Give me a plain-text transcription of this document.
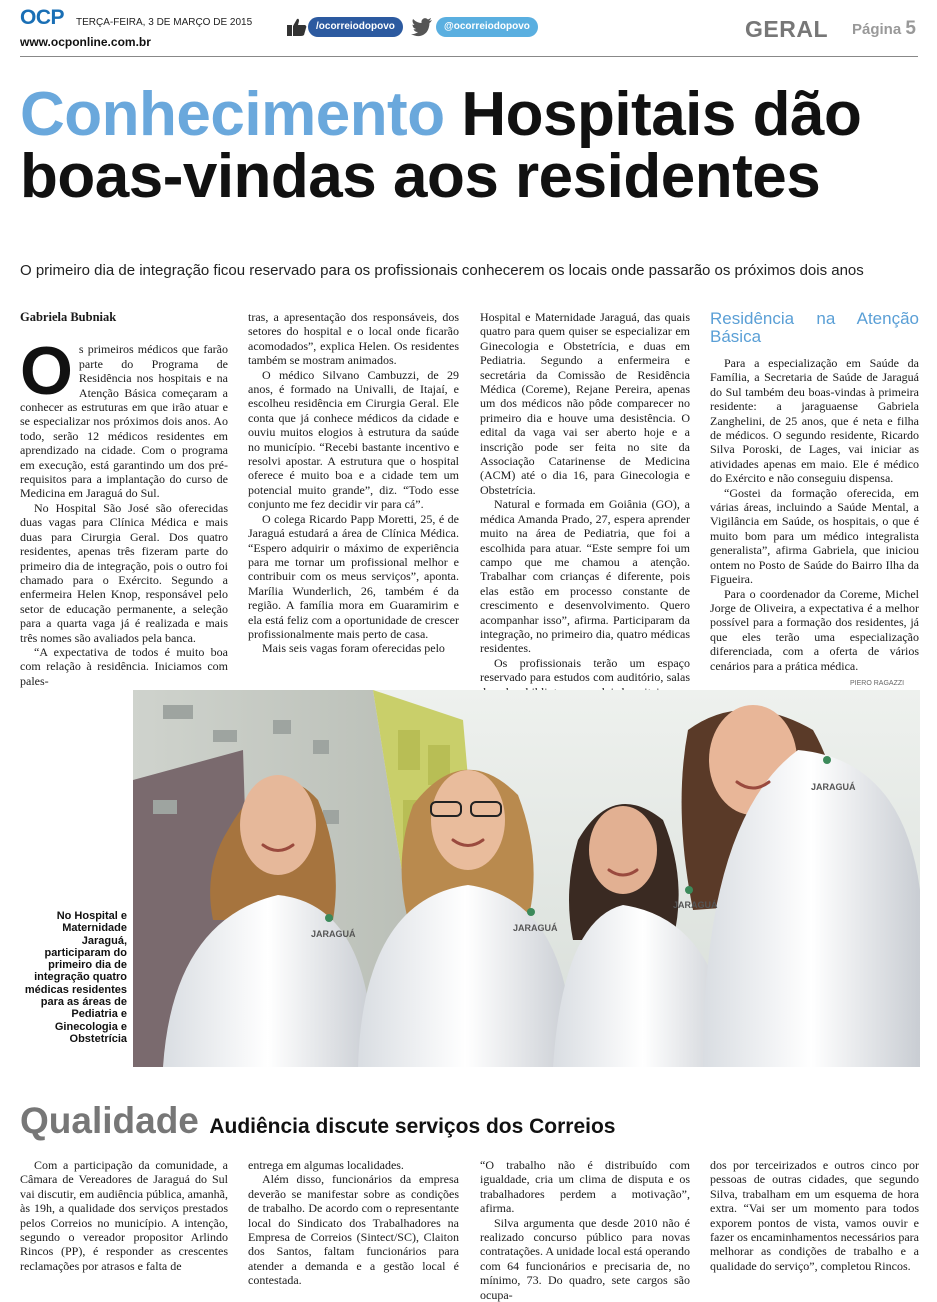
OCP TERÇA-FEIRA, 3 DE MARÇO DE 2015
www.ocponline.com.br
/ocorreiodopovo	@ocorreiodopovo	GERAL Página 5
Conhecimento Hospitais dão boas-vindas aos residentes
O primeiro dia de integração ficou reservado para os profissionais conhecerem os locais onde passarão os próximos dois anos
Gabriela Bubniak

Os primeiros médicos que farão parte do Programa de Residência nos hospitais e na Atenção Básica começaram a conhecer as estruturas em que irão atuar e se especializar nos próximos dois anos. Ao todo, serão 12 médicos residentes em aprendizado na cidade. Com o programa em execução, está garantindo um dos pré-requisitos para a implantação do curso de Medicina em Jaraguá do Sul.

No Hospital São José são oferecidas duas vagas para Clínica Médica e mais duas para Cirurgia Geral. Dos quatro residentes, apenas três fizeram parte do primeiro dia de integração, pois o outro foi chamado para o Exército. Segundo a enfermeira Helen Knop, responsável pelo setor de educação permanente, a seleção para a quarta vaga já é realizada e mais três nomes são avaliados pela banca.

“A expectativa de todos é muito boa com relação à residência. Iniciamos com pales-

tras, a apresentação dos responsáveis, dos setores do hospital e o local onde ficarão acomodados”, explica Helen. Os residentes também se mostram animados.

O médico Silvano Cambuzzi, de 29 anos, é formado na Univalli, de Itajaí, e escolheu residência em Cirurgia Geral. Ele conta que já conhece médicos da cidade e ouviu muitos elogios à estrutura da saúde no município. “Recebi bastante incentivo e resolvi apostar. A estrutura que o hospital oferece é muito boa e a cidade tem um potencial muito grande”, diz. “Todo esse conjunto me fez decidir vir para cá”.

O colega Ricardo Papp Moretti, 25, é de Jaraguá estudará a área de Clínica Médica. “Espero adquirir o máximo de experiência para me tornar um profissional melhor e contribuir com os meus serviços”, aponta. Marília Wunderlich, 26, também é da região. A família mora em Guaramirim e ela está feliz com a oportunidade de crescer profissionalmente mais perto de casa.

Mais seis vagas foram oferecidas pelo

Hospital e Maternidade Jaraguá, das quais quatro para quem quiser se especializar em Ginecologia e Obstetrícia, e duas em Pediatria. Segundo a enfermeira e secretária da Comissão de Residência Médica (Coreme), Rejane Pereira, apenas um dos médicos não pôde comparecer no primeiro dia e houve uma desistência. O edital da vaga vai ser aberto hoje e a inscrição pode ser feita no site da Associação Catarinense de Medicina (ACM) até o dia 16, para Ginecologia e Obstetrícia.

Natural e formada em Goiânia (GO), a médica Amanda Prado, 27, espera aprender muito na área de Pediatria, que foi a escolhida para atuar. “Este sempre foi um campo que me chamou a atenção. Trabalhar com crianças é diferente, pois elas estão em processo constante de crescimento e desenvolvimento. Quero acompanhar isso”, afirma. Participaram da integração, no primeiro dia, quatro médicas residentes.

Os profissionais terão um espaço reservado para estudos com auditório, salas

Residência na Atenção Básica

Para a especialização em Saúde da Família, a Secretaria de Saúde de Jaraguá do Sul também deu boas-vindas à primeira residente: a jaraguaense Gabriela Zanghelini, de 25 anos, que é neta e filha de médicos. O segundo residente, Ricardo Silva Poroski, de Lages, vai iniciar as atividades apenas em maio. Ele é médico do Exército e não conseguiu dispensa.

“Gostei da formação oferecida, em várias áreas, incluindo a Saúde Mental, a Vigilância em Saúde, os hospitais, o que é muito bom para um médico integralista generalista”, afirma Gabriela, que iniciou ontem no Posto de Saúde do Bairro Ilha da Figueira.

Para o coordenador da Coreme, Michel Jorge de Oliveira, a expectativa é a melhor possível para a formação dos residentes, já que eles terão uma especialização diferenciada, com a oferta de vários cenários para a prática médica.

PIERO RAGAZZI
JARAGUÁ
JARAGUÁ
JARAGUÁ
JARAGUÁ
No Hospital e Maternidade Jaraguá, participaram do primeiro dia de integração quatro médicas residentes para as áreas de Pediatria e Ginecologia e Obstetrícia
Qualidade Audiência discute serviços dos Correios

Com a participação da comunidade, a Câmara de Vereadores de Jaraguá do Sul vai discutir, em audiência pública, amanhã, às 19h, a qualidade dos serviços prestados pelos Correios no município. A intenção, segundo o vereador propositor Arlindo Rincos (PP), é responder as crescentes reclamações por atrasos e falta de

entrega em algumas localidades.

Além disso, funcionários da empresa deverão se manifestar sobre as condições de trabalho. De acordo com o representante local do Sindicato dos Trabalhadores na Empresa de Correios (Sintect/SC), Claiton dos Santos, faltam funcionários para atender a demanda e a gestão local é contestada.

“O trabalho não é distribuído com igualdade, cria um clima de disputa e os trabalhadores perdem a motivação”, afirma.

Silva argumenta que desde 2010 não é realizado concurso público para novas contratações. A unidade local está operando com 64 funcionários e precisaria de, no mínimo, 73. Do quadro, sete cargos são ocupa-

dos por terceirizados e outros cinco por pessoas de outras cidades, que segundo Silva, trabalham em um esquema de hora extra. “Vai ser um momento para todos exporem pontos de vista, vamos ouvir e fazer os encaminhamentos necessários para melhorar as condições de trabalho e a qualidade do serviço”, completou Rincos.
